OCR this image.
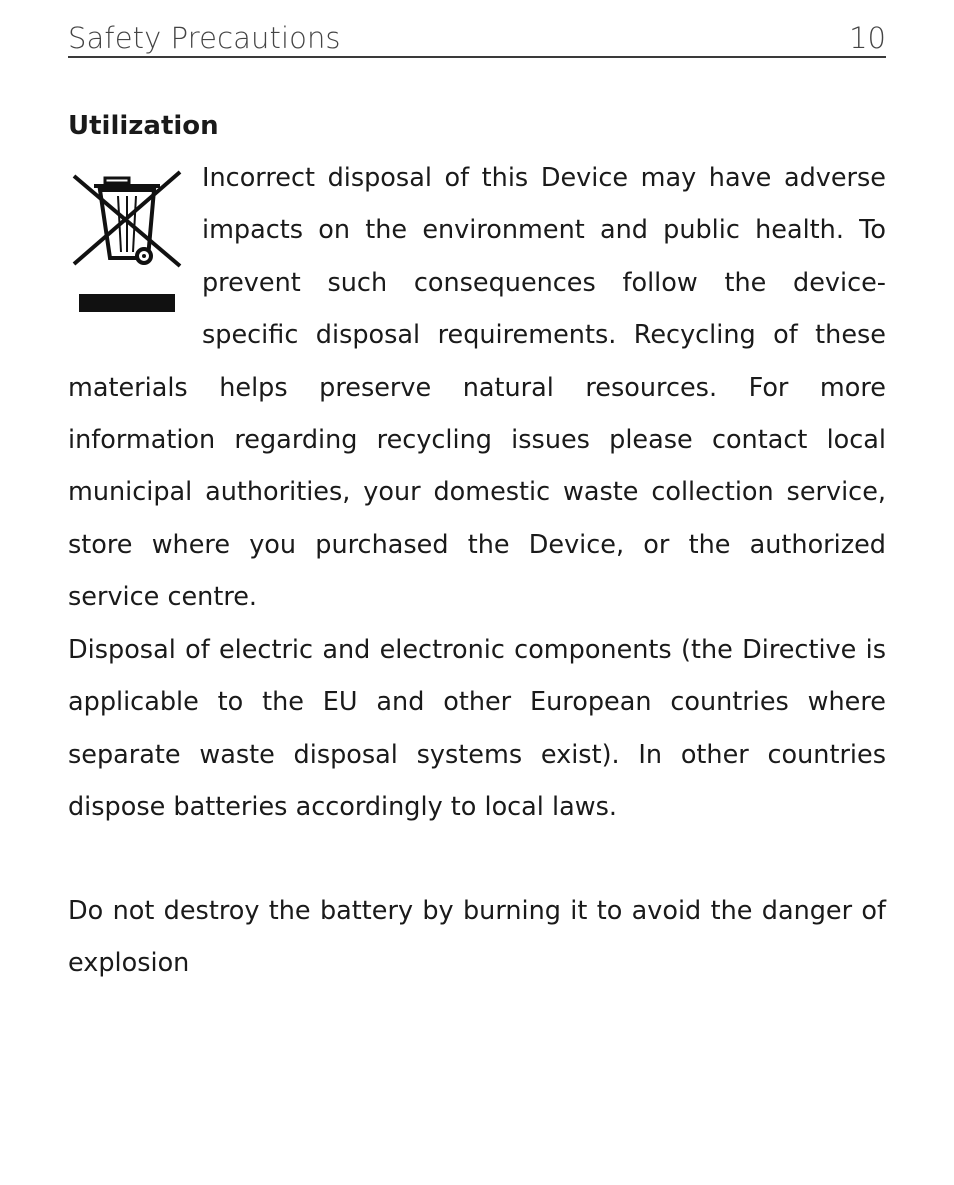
Safety Precautions	10
Utilization
Incorrect disposal of this Device may have adverse impacts on the environment and public health. To prevent such consequences follow the device-specific disposal requirements. Recycling of these materials helps preserve natural resources. For more information regarding recycling issues please contact local municipal authorities, your domestic waste collection service, store where you purchased the Device, or the authorized service centre.
Disposal of electric and electronic components (the Directive is applicable to the EU and other European countries where separate waste disposal systems exist). In other countries dispose batteries accordingly to local laws.
Do not destroy the battery by burning it to avoid the danger of explosion
